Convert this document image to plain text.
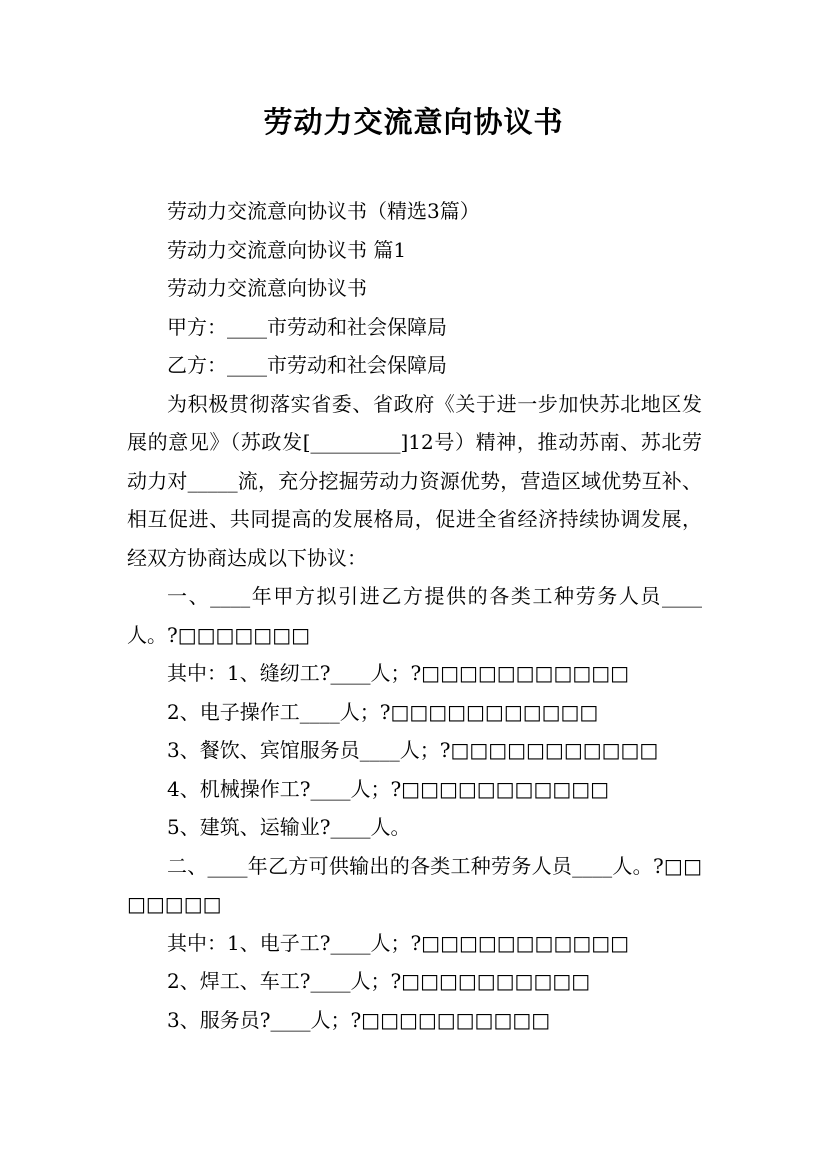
劳动力交流意向协议书

劳动力交流意向协议书（精选3篇）

劳动力交流意向协议书 篇1

劳动力交流意向协议书

甲方：____市劳动和社会保障局

乙方：____市劳动和社会保障局

为积极贯彻落实省委、省政府《关于进一步加快苏北地区发展的意见》（苏政发[_________]12号）精神，推动苏南、苏北劳动力对_____流，充分挖掘劳动力资源优势，营造区域优势互补、相互促进、共同提高的发展格局，促进全省经济持续协调发展，经双方协商达成以下协议：

一、____年甲方拟引进乙方提供的各类工种劳务人员____人。?□□□□□□□

其中：1、缝纫工?____人；?□□□□□□□□□□□

2、电子操作工____人；?□□□□□□□□□□□

3、餐饮、宾馆服务员____人；?□□□□□□□□□□□

4、机械操作工?____人；?□□□□□□□□□□□

5、建筑、运输业?____人。

二、____年乙方可供输出的各类工种劳务人员____人。?□□□□□□□

其中：1、电子工?____人；?□□□□□□□□□□□

2、焊工、车工?____人；?□□□□□□□□□□

3、服务员?____人；?□□□□□□□□□□
